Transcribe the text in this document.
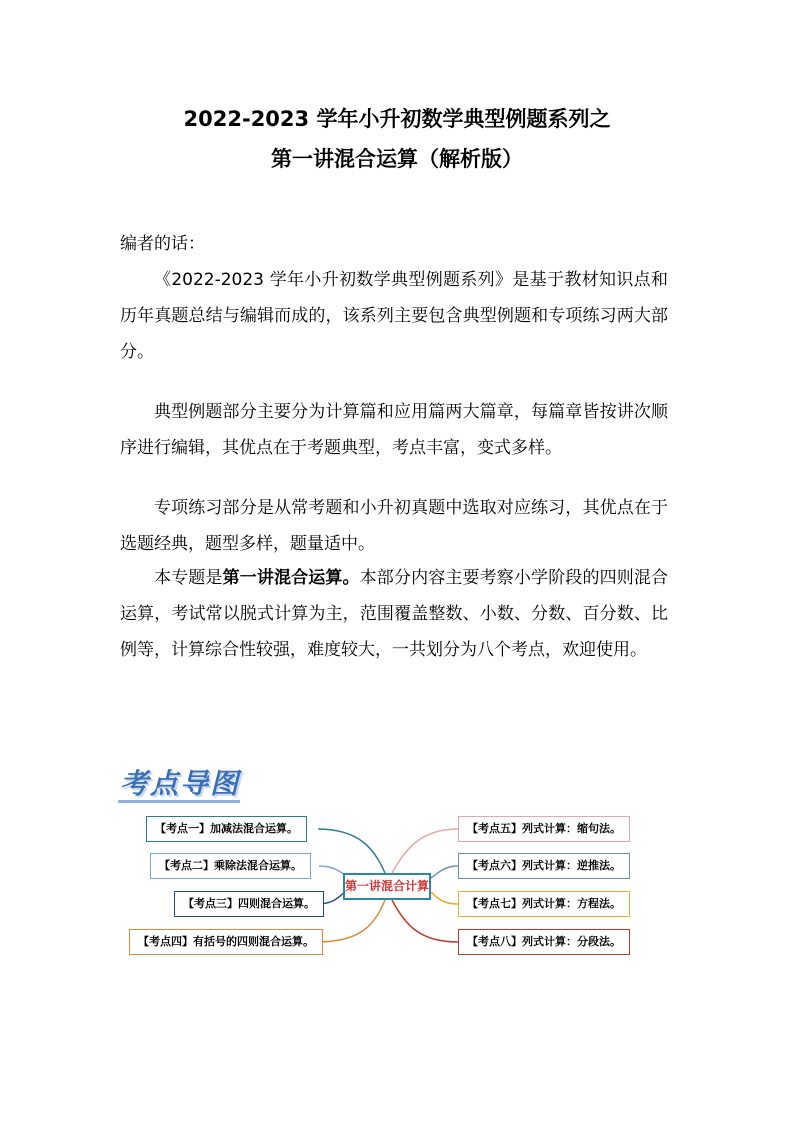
2022-2023 学年小升初数学典型例题系列之
第一讲混合运算（解析版）

编者的话：

《2022-2023 学年小升初数学典型例题系列》是基于教材知识点和历年真题总结与编辑而成的，该系列主要包含典型例题和专项练习两大部分。

典型例题部分主要分为计算篇和应用篇两大篇章，每篇章皆按讲次顺序进行编辑，其优点在于考题典型，考点丰富，变式多样。

专项练习部分是从常考题和小升初真题中选取对应练习，其优点在于选题经典，题型多样，题量适中。

本专题是第一讲混合运算。本部分内容主要考察小学阶段的四则混合运算，考试常以脱式计算为主，范围覆盖整数、小数、分数、百分数、比例等，计算综合性较强，难度较大，一共划分为八个考点，欢迎使用。

考点导图
【考点一】加减法混合运算。
【考点二】乘除法混合运算。
【考点三】四则混合运算。
【考点四】有括号的四则混合运算。
第一讲混合计算
【考点五】列式计算：缩句法。
【考点六】列式计算：逆推法。
【考点七】列式计算：方程法。
【考点八】列式计算：分段法。
